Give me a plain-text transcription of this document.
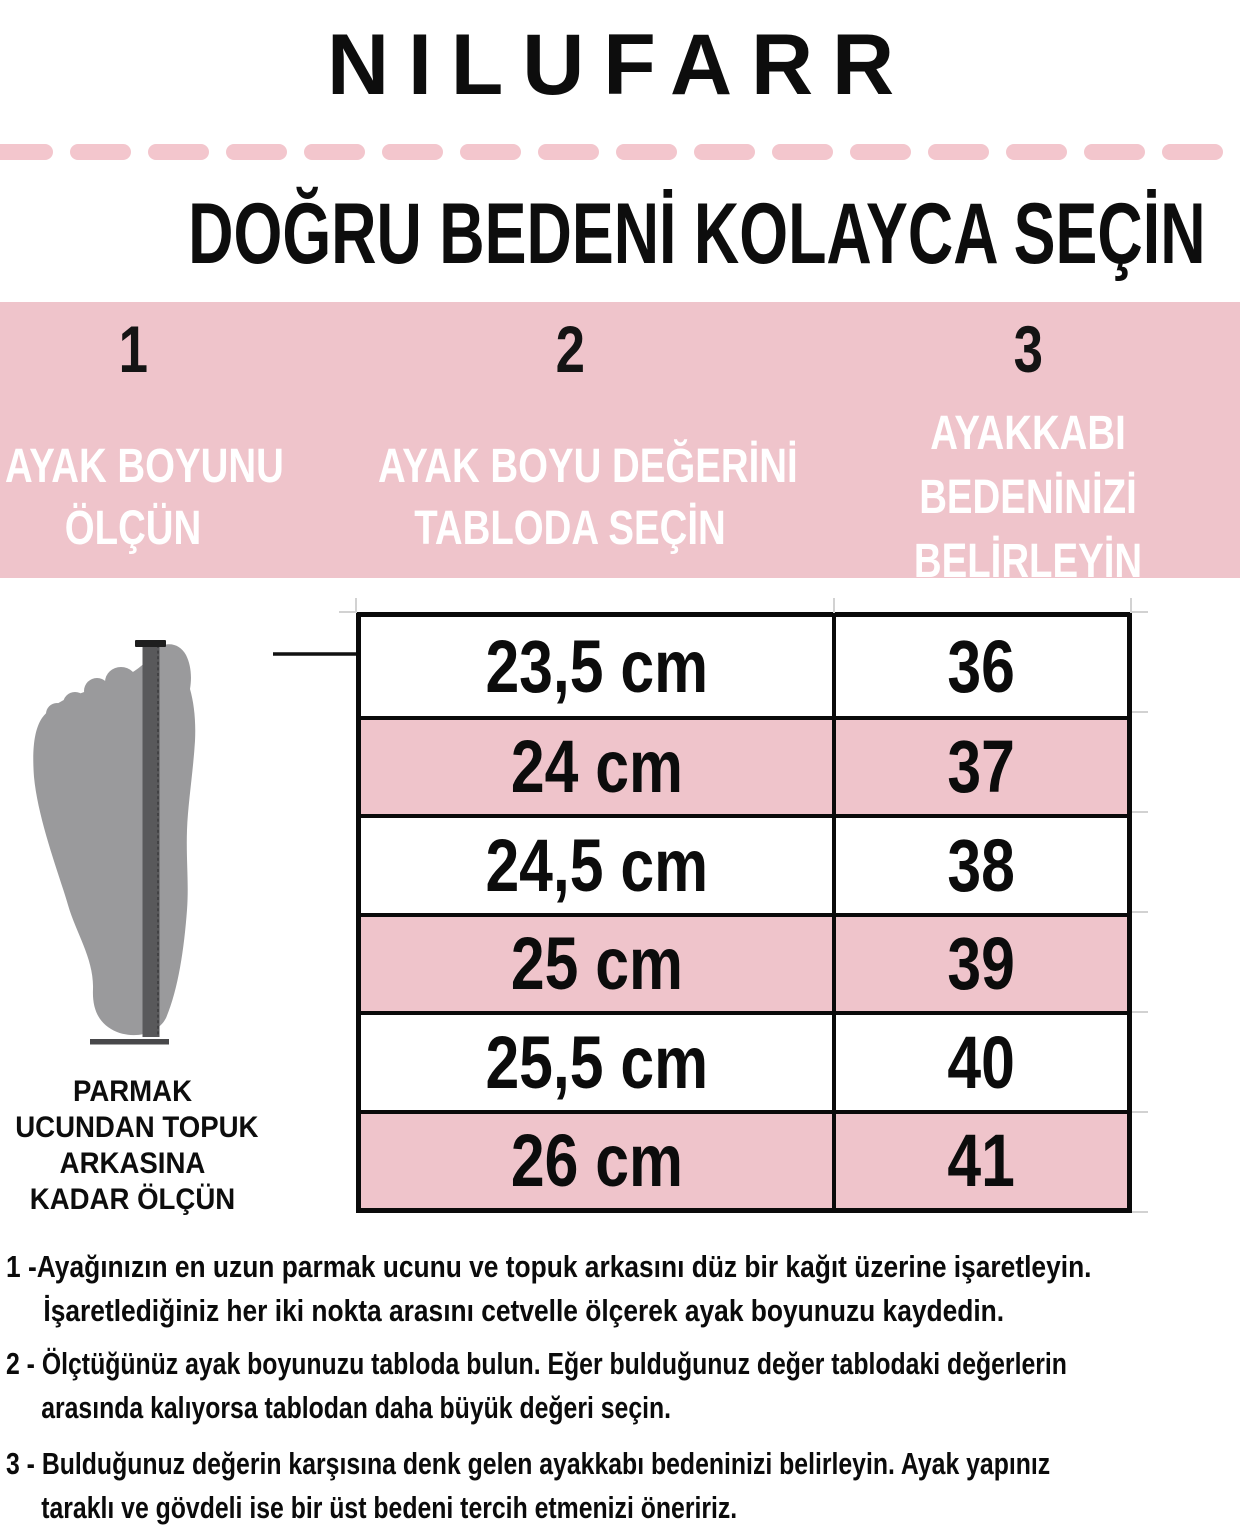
NILUFARR
DOĞRU BEDENİ KOLAYCA SEÇİN
1	2	3
AYAK BOYUNU
ÖLÇÜN
AYAK BOYU DEĞERİNİ
TABLODA SEÇİN
AYAKKABI
BEDENİNİZİ
BELİRLEYİN
PARMAK
UCUNDAN TOPUK
ARKASINA
KADAR ÖLÇÜN
23,5 cm	36
24 cm	37
24,5 cm	38
25 cm	39
25,5 cm	40
26 cm	41
1 -Ayağınızın en uzun parmak ucunu ve topuk arkasını düz bir kağıt üzerine işaretleyin.
İşaretlediğiniz her iki nokta arasını cetvelle ölçerek ayak boyunuzu kaydedin.
2 - Ölçtüğünüz ayak boyunuzu tabloda bulun. Eğer bulduğunuz değer tablodaki değerlerin
arasında kalıyorsa tablodan daha büyük değeri seçin.
3 - Bulduğunuz değerin karşısına denk gelen ayakkabı bedeninizi belirleyin. Ayak yapınız
taraklı ve gövdeli ise bir üst bedeni tercih etmenizi öneririz.
